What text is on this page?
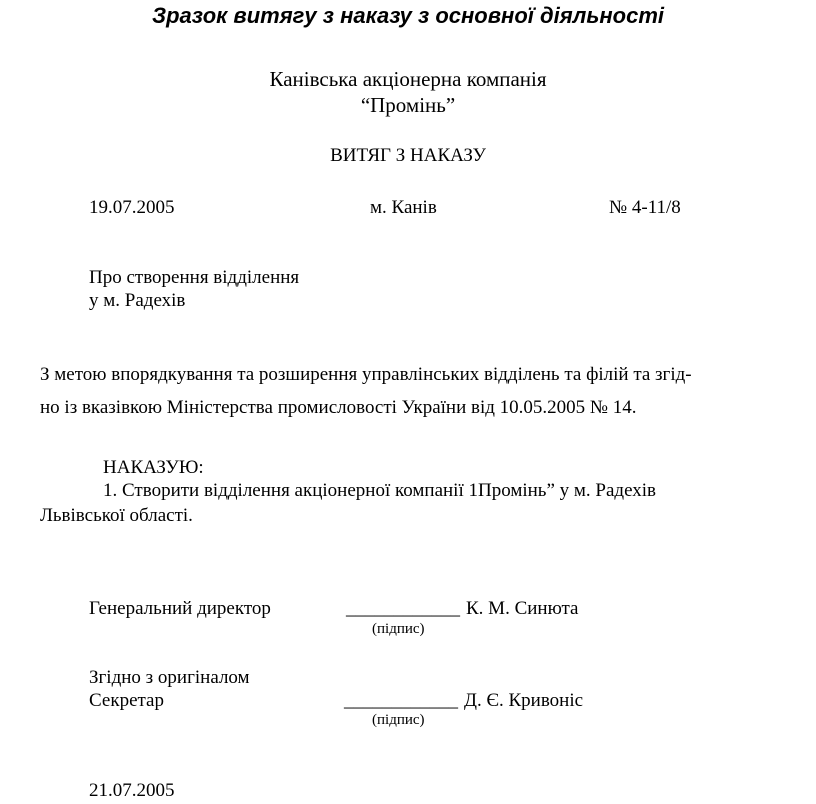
Зразок витягу з наказу з основної діяльності
Канівська акціонерна компанія
“Промінь”
ВИТЯГ З НАКАЗУ
19.07.2005	м. Канів	№ 4-11/8
Про створення відділення
у м. Радехів
З метою впорядкування та розширення управлінських відділень та філій та згід-
но із вказівкою Міністерства промисловості України від 10.05.2005 № 14.
НАКАЗУЮ:
1. Створити відділення акціонерної компанії 1Промінь” у м. Радехів
Львівської області.
Генеральний директор	____________ К. М. Синюта
(підпис)
Згідно з оригіналом
Секретар	____________ Д. Є. Кривоніс
(підпис)
21.07.2005
